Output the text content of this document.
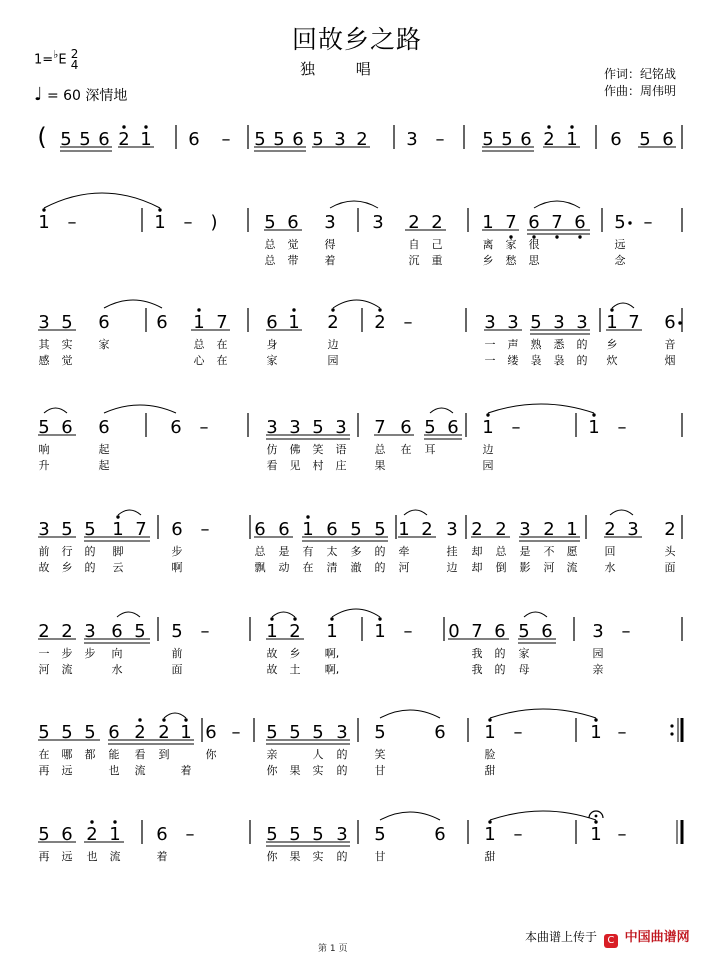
回故乡之路
独 唱
1=♭E 2
4
♩ = 60 深情地
作词：纪铭战
作曲：周伟明
( 5 5 6 2 1 6 – 5 5 6 5 3 2 3 – 5 5 6 2 1 6 5 6
1 –	1 – )	5 6 3 3 2 2 1 7 6 7 6 5 –
总 觉 得	自 己	离 家 很	远
总 带 着	沉 重	乡 愁 思	念
3 5 6	6 1 7 6 1 2 2 –	3 3 5 3 3 1 7 6
其 实 家	总 在	身	边	一 声 熟 悉 的 乡	音
感 觉	心 在	家	园	一 缕 袅 袅 的 炊	烟
5 6 6	6 –	3 3 5 3 7 6 5 6 1 –	1 –
响	起	仿 佛 笑 语	总 在 耳	边
升	起	看 见 村 庄	果	园
3 5 5 1 7 6 – 6 6 1 6 5 5 1 2 3 2 2 3 2 1 2 3 2
前 行 的 脚	步	总 是 有 太 多 的 牵	挂 却 总 是 不 愿 回	头
故 乡 的 云	啊	飘 动 在 清 澈 的 河	边 却 倒 影 河 流 水	面
2 2 3 6 5 5 –	1 2 1 1 – 0 7 6 5 6 3 –
一 步 步 向	前	故 乡 啊,	我 的 家	园
河 流	水	面	故 土 啊,	我 的 母	亲
5 5 5 6 2 2 1 6 – 5 5 5 3 5	6 1 –	1 –
在 哪 都 能 看 到	你	亲	人 的 笑	脸
再 远	也 流	着	你 果 实 的 甘	甜
5 6 2 1 6 –	5 5 5 3 5	6 1 –	1 –
再 远 也 流	着	你 果 实 的 甘	甜
本曲谱上传于 C 中国曲谱网
第 1 页
